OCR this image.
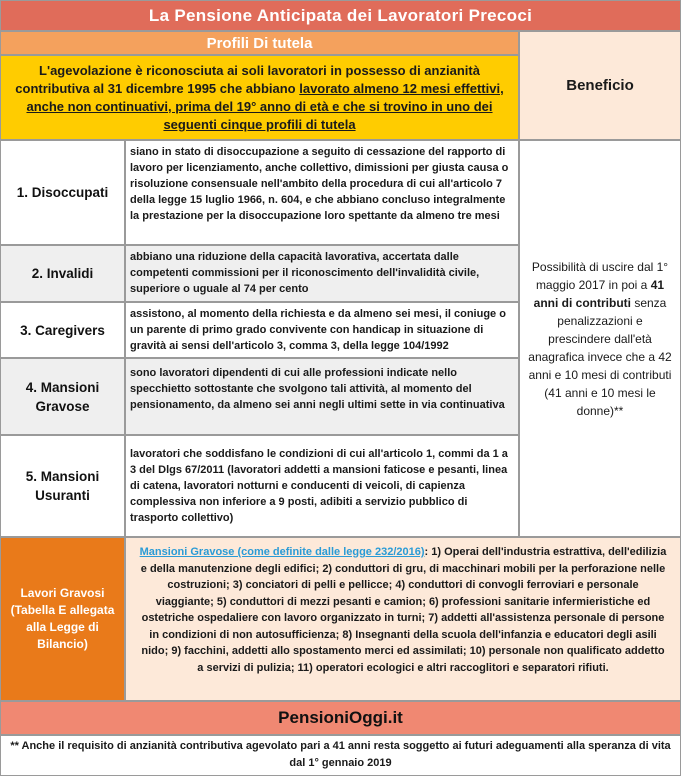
La Pensione Anticipata dei Lavoratori Precoci
Profili Di tutela
Beneficio
L'agevolazione è riconosciuta ai soli lavoratori in possesso di anzianità contributiva al 31 dicembre 1995 che abbiano lavorato almeno 12 mesi effettivi, anche non continuativi, prima del 19° anno di età e che si trovino in uno dei seguenti cinque profili di tutela
1. Disoccupati
siano in stato di disoccupazione a seguito di cessazione del rapporto di lavoro per licenziamento, anche collettivo, dimissioni per giusta causa o risoluzione consensuale nell'ambito della procedura di cui all'articolo 7 della legge 15 luglio 1966, n. 604, e che abbiano concluso integralmente la prestazione per la disoccupazione loro spettante da almeno tre mesi
2. Invalidi
abbiano una riduzione della capacità lavorativa, accertata dalle competenti commissioni per il riconoscimento dell'invalidità civile, superiore o uguale al 74 per cento
3. Caregivers
assistono, al momento della richiesta e da almeno sei mesi, il coniuge o un parente di primo grado convivente con handicap in situazione di gravità ai sensi dell'articolo 3, comma 3, della legge 104/1992
4. Mansioni Gravose
sono lavoratori dipendenti di cui alle professioni indicate nello specchietto sottostante che svolgono tali attività, al momento del pensionamento, da almeno sei anni negli ultimi sette in via continuativa
5. Mansioni Usuranti
lavoratori che soddisfano le condizioni di cui all'articolo 1, commi da 1 a 3 del Dlgs 67/2011 (lavoratori addetti a mansioni faticose e pesanti, linea di catena, lavoratori notturni e conducenti di veicoli, di capienza complessiva non inferiore a 9 posti, adibiti a servizio pubblico di trasporto collettivo)
Possibilità di uscire dal 1° maggio 2017 in poi a 41 anni di contributi senza penalizzazioni e prescindere dall'età anagrafica invece che a 42 anni e 10 mesi di contributi (41 anni e 10 mesi le donne)**
Lavori Gravosi (Tabella E allegata alla Legge di Bilancio)
Mansioni Gravose (come definite dalle legge 232/2016): 1) Operai dell'industria estrattiva, dell'edilizia e della manutenzione degli edifici; 2) conduttori di gru, di macchinari mobili per la perforazione nelle costruzioni; 3) conciatori di pelli e pellicce; 4) conduttori di convogli ferroviari e personale viaggiante; 5) conduttori di mezzi pesanti e camion; 6) professioni sanitarie infermieristiche ed ostetriche ospedaliere con lavoro organizzato in turni; 7) addetti all'assistenza personale di persone in condizioni di non autosufficienza; 8) Insegnanti della scuola dell'infanzia e educatori degli asili nido; 9) facchini, addetti allo spostamento merci ed assimilati; 10) personale non qualificato addetto a servizi di pulizia; 11) operatori ecologici e altri raccoglitori e separatori rifiuti.
PensioniOggi.it
** Anche il requisito di anzianità contributiva agevolato pari a 41 anni resta soggetto ai futuri adeguamenti alla speranza di vita dal 1° gennaio 2019
